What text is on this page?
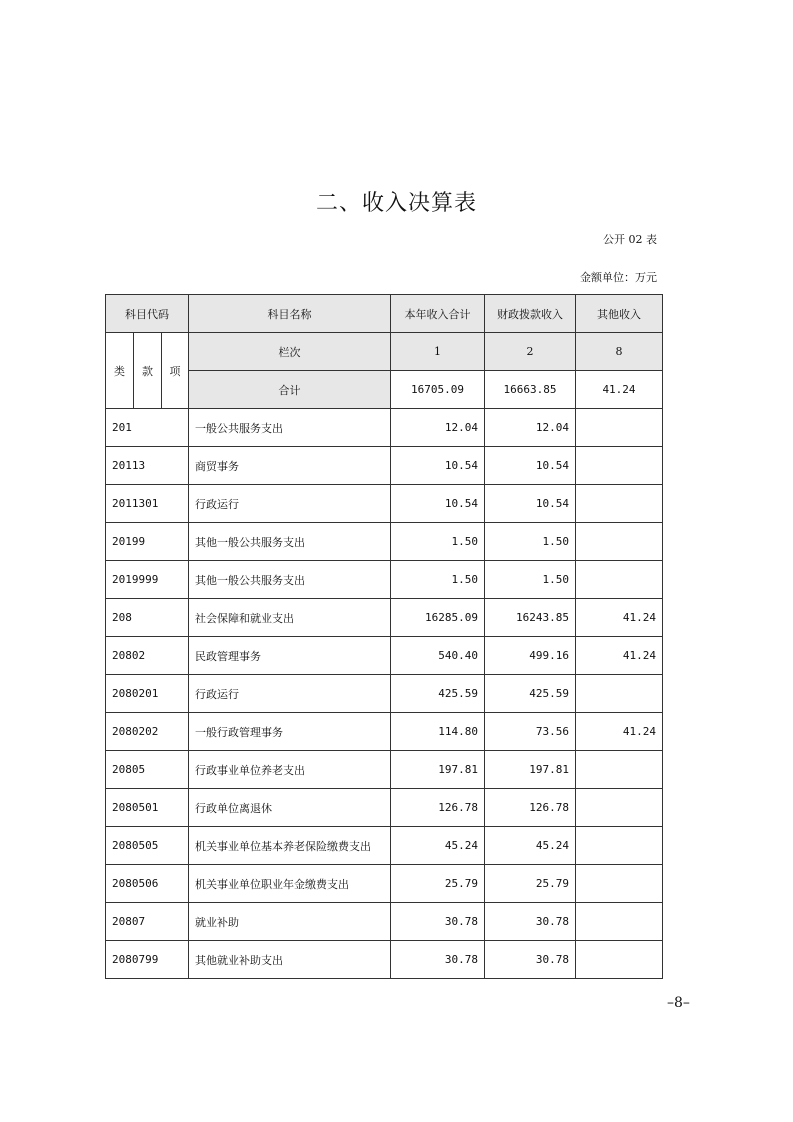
二、收入决算表
公开 02 表
金额单位：万元
科目代码			科目名称	本年收入合计	财政拨款收入	其他收入
类	款	项	栏次	1	2	8
			合计	16705.09	16663.85	41.24
201			一般公共服务支出	12.04	12.04	
20113			商贸事务	10.54	10.54	
2011301			行政运行	10.54	10.54	
20199			其他一般公共服务支出	1.50	1.50	
2019999			其他一般公共服务支出	1.50	1.50	
208			社会保障和就业支出	16285.09	16243.85	41.24
20802			民政管理事务	540.40	499.16	41.24
2080201			行政运行	425.59	425.59	
2080202			一般行政管理事务	114.80	73.56	41.24
20805			行政事业单位养老支出	197.81	197.81	
2080501			行政单位离退休	126.78	126.78	
2080505			机关事业单位基本养老保险缴费支出	45.24	45.24	
2080506			机关事业单位职业年金缴费支出	25.79	25.79	
20807			就业补助	30.78	30.78	
2080799			其他就业补助支出	30.78	30.78	
–8–
